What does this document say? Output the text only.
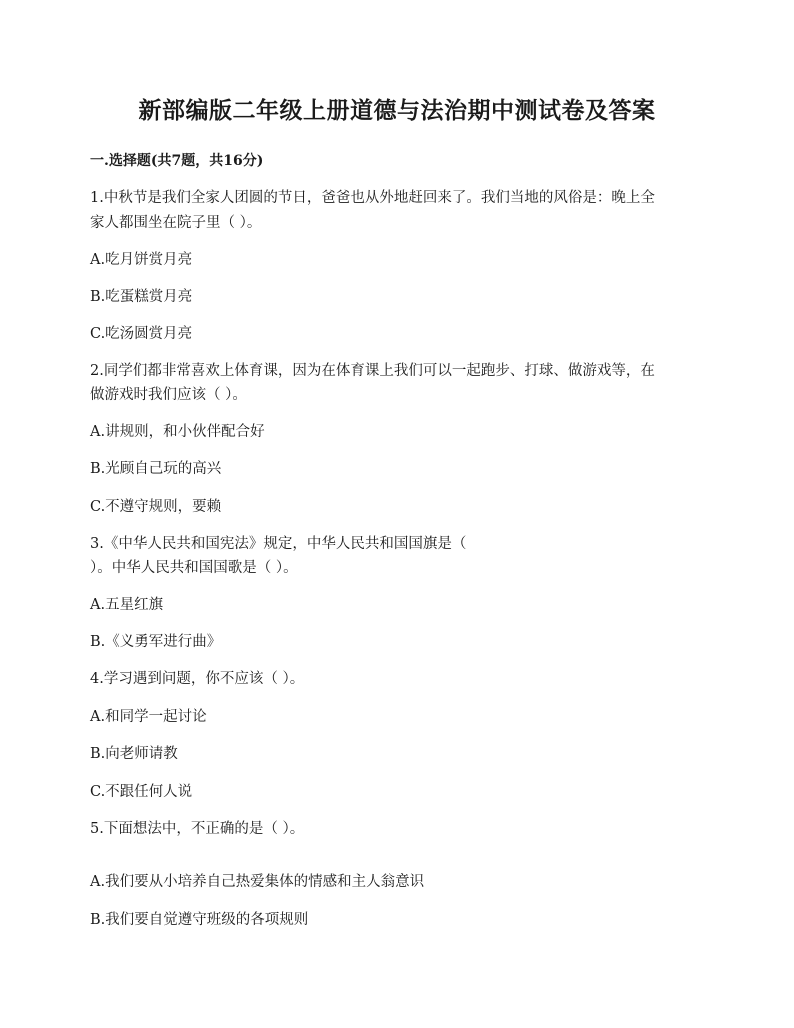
新部编版二年级上册道德与法治期中测试卷及答案
一.选择题(共7题，共16分)
1.中秋节是我们全家人团圆的节日，爸爸也从外地赶回来了。我们当地的风俗是：晚上全
家人都围坐在院子里（ ）。
A.吃月饼赏月亮
B.吃蛋糕赏月亮
C.吃汤圆赏月亮
2.同学们都非常喜欢上体育课，因为在体育课上我们可以一起跑步、打球、做游戏等，在
做游戏时我们应该（ ）。
A.讲规则，和小伙伴配合好
B.光顾自己玩的高兴
C.不遵守规则，要赖
3.《中华人民共和国宪法》规定，中华人民共和国国旗是（
）。中华人民共和国国歌是（ ）。
A.五星红旗
B.《义勇军进行曲》
4.学习遇到问题，你不应该（ ）。
A.和同学一起讨论
B.向老师请教
C.不跟任何人说
5.下面想法中，不正确的是（ ）。
A.我们要从小培养自己热爱集体的情感和主人翁意识
B.我们要自觉遵守班级的各项规则
